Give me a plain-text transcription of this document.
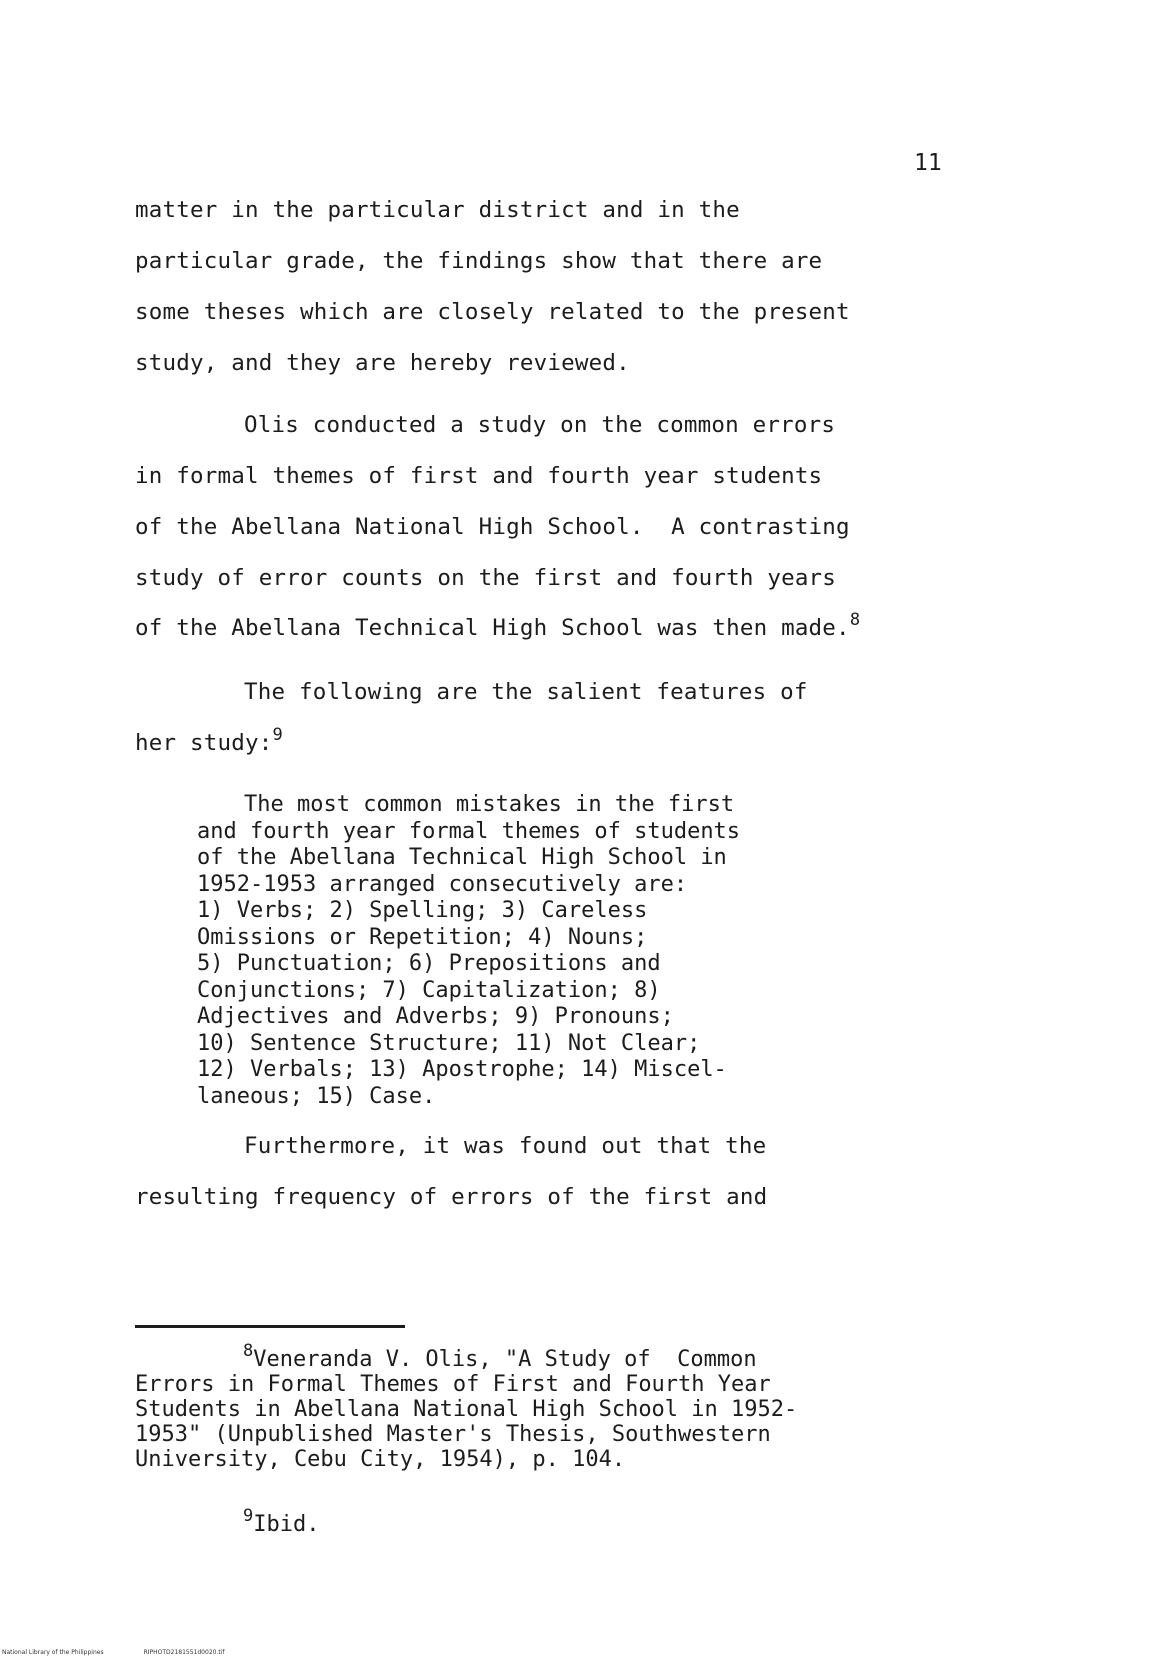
11
matter in the particular district and in the
particular grade, the findings show that there are
some theses which are closely related to the present
study, and they are hereby reviewed.
Olis conducted a study on the common errors
in formal themes of first and fourth year students
of the Abellana National High School.  A contrasting
study of error counts on the first and fourth years
of the Abellana Technical High School was then made.$^8$
The following are the salient features of
her study:$^9$
The most common mistakes in the first
and fourth year formal themes of students
of the Abellana Technical High School in
1952-1953 arranged consecutively are:
1) Verbs; 2) Spelling; 3) Careless
Omissions or Repetition; 4) Nouns;
5) Punctuation; 6) Prepositions and
Conjunctions; 7) Capitalization; 8)
Adjectives and Adverbs; 9) Pronouns;
10) Sentence Structure; 11) Not Clear;
12) Verbals; 13) Apostrophe; 14) Miscel-
laneous; 15) Case.
Furthermore, it was found out that the
resulting frequency of errors of the first and
$^8$Veneranda V. Olis, "A Study of  Common
Errors in Formal Themes of First and Fourth Year
Students in Abellana National High School in 1952-
1953" (Unpublished Master's Thesis, Southwestern
University, Cebu City, 1954), p. 104.
$^9$Ibid.
National Library of the Philippines	RIPHOTD2181551d0020.tif
